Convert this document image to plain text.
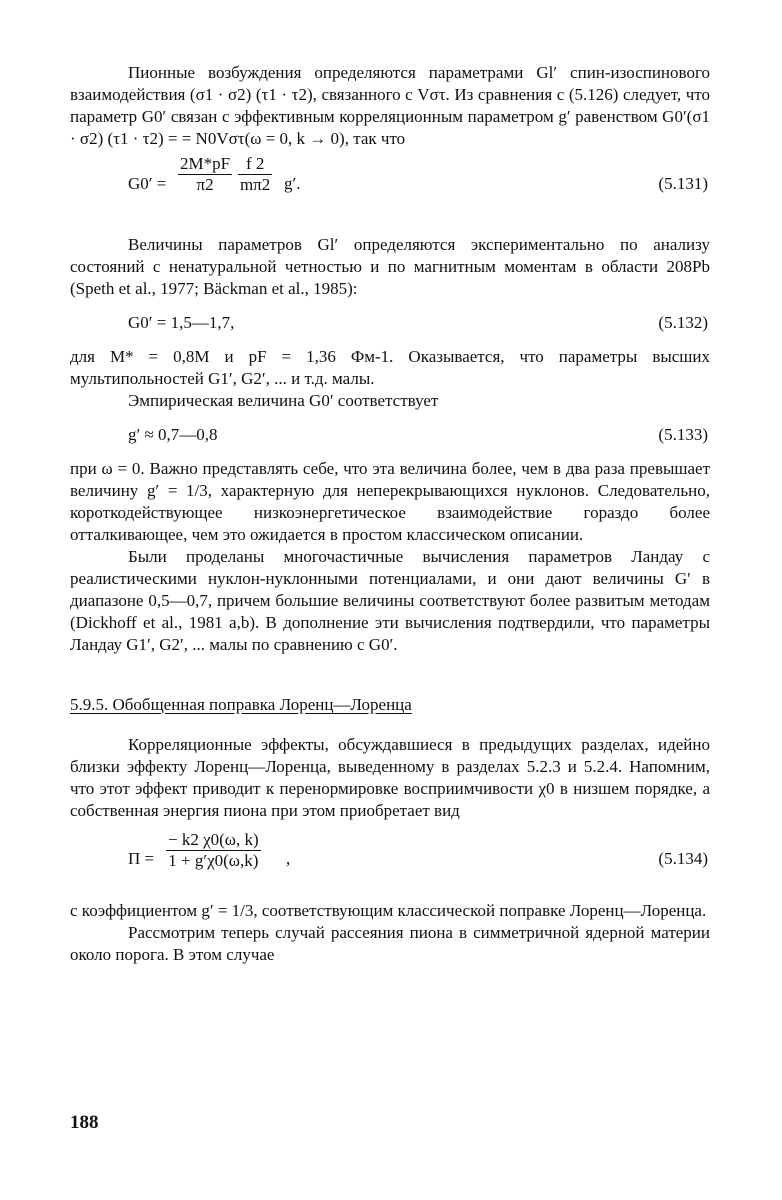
Пионные возбуждения определяются параметрами Gl′ спин-изоспинового взаимодействия (σ1 · σ2) (τ1 · τ2), связанного с Vστ. Из сравнения с (5.126) следует, что параметр G0′ связан с эффективным корреляционным параметром g′ равенством G0′(σ1 · σ2) (τ1 · τ2) = = N0Vστ(ω = 0, k → 0), так что

$G0' = \frac{2M*pF}{\pi 2} \frac{f 2}{m\pi 2} g'$.	(5.131)

Величины параметров Gl′ определяются экспериментально по анализу состояний с ненатуральной четностью и по магнитным моментам в области 208Pb (Speth et al., 1977; Bäckman et al., 1985):

G0′ = 1,5—1,7,	(5.132)

для M* = 0,8M и pF = 1,36 Фм-1. Оказывается, что параметры высших мультипольностей G1′, G2′, ... и т.д. малы.

Эмпирическая величина G0′ соответствует

g′ ≈ 0,7—0,8	(5.133)

при ω = 0. Важно представлять себе, что эта величина более, чем в два раза превышает величину g′ = 1/3, характерную для неперекрывающихся нуклонов. Следовательно, короткодействующее низкоэнергетическое взаимодействие гораздо более отталкивающее, чем это ожидается в простом классическом описании.

Были проделаны многочастичные вычисления параметров Ландау с реалистическими нуклон-нуклонными потенциалами, и они дают величины G′ в диапазоне 0,5—0,7, причем большие величины соответствуют более развитым методам (Dickhoff et al., 1981 a,b). В дополнение эти вычисления подтвердили, что параметры Ландау G1′, G2′, ... малы по сравнению с G0′.

5.9.5. Обобщенная поправка Лоренц—Лоренца

Корреляционные эффекты, обсуждавшиеся в предыдущих разделах, идейно близки эффекту Лоренц—Лоренца, выведенному в разделах 5.2.3 и 5.2.4. Напомним, что этот эффект приводит к перенормировке восприимчивости χ0 в низшем порядке, а собственная энергия пиона при этом приобретает вид

$\Pi = \frac{- k2 \chi 0(\omega, k)}{1 + g'\chi 0(\omega,k)}$ ,	(5.134)

с коэффициентом g′ = 1/3, соответствующим классической поправке Лоренц—Лоренца.

Рассмотрим теперь случай рассеяния пиона в симметричной ядерной материи около порога. В этом случае

188
